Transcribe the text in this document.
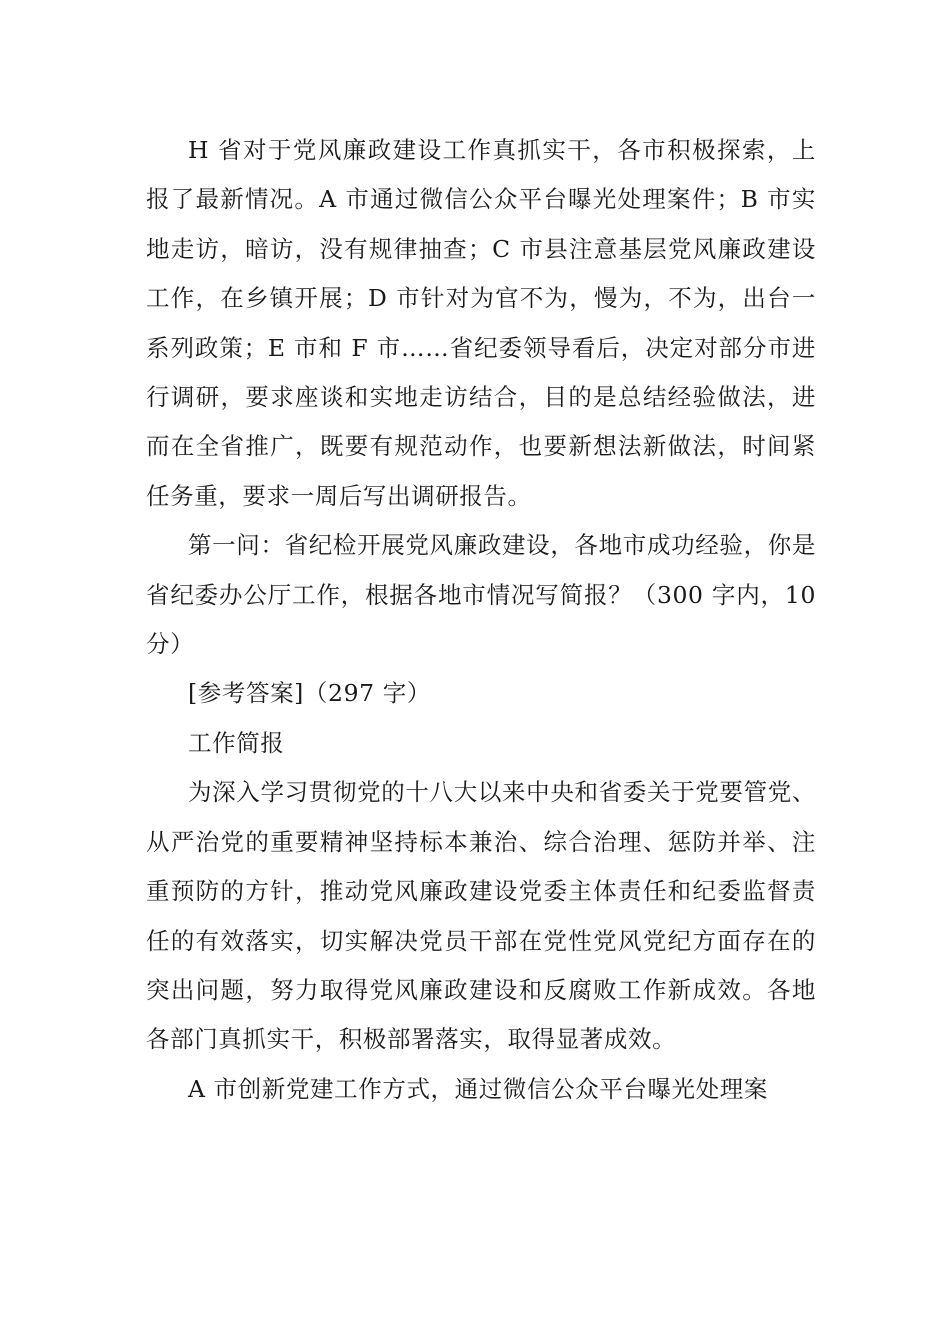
H 省对于党风廉政建设工作真抓实干，各市积极探索，上报了最新情况。A 市通过微信公众平台曝光处理案件；B 市实地走访，暗访，没有规律抽查；C 市县注意基层党风廉政建设工作，在乡镇开展；D 市针对为官不为，慢为，不为，出台一系列政策；E 市和 F 市……省纪委领导看后，决定对部分市进行调研，要求座谈和实地走访结合，目的是总结经验做法，进而在全省推广，既要有规范动作，也要新想法新做法，时间紧任务重，要求一周后写出调研报告。

第一问：省纪检开展党风廉政建设，各地市成功经验，你是省纪委办公厅工作，根据各地市情况写简报？（300 字内，10 分）

[参考答案]（297 字）

工作简报

为深入学习贯彻党的十八大以来中央和省委关于党要管党、从严治党的重要精神坚持标本兼治、综合治理、惩防并举、注重预防的方针，推动党风廉政建设党委主体责任和纪委监督责任的有效落实，切实解决党员干部在党性党风党纪方面存在的突出问题，努力取得党风廉政建设和反腐败工作新成效。各地各部门真抓实干，积极部署落实，取得显著成效。

A 市创新党建工作方式，通过微信公众平台曝光处理案
